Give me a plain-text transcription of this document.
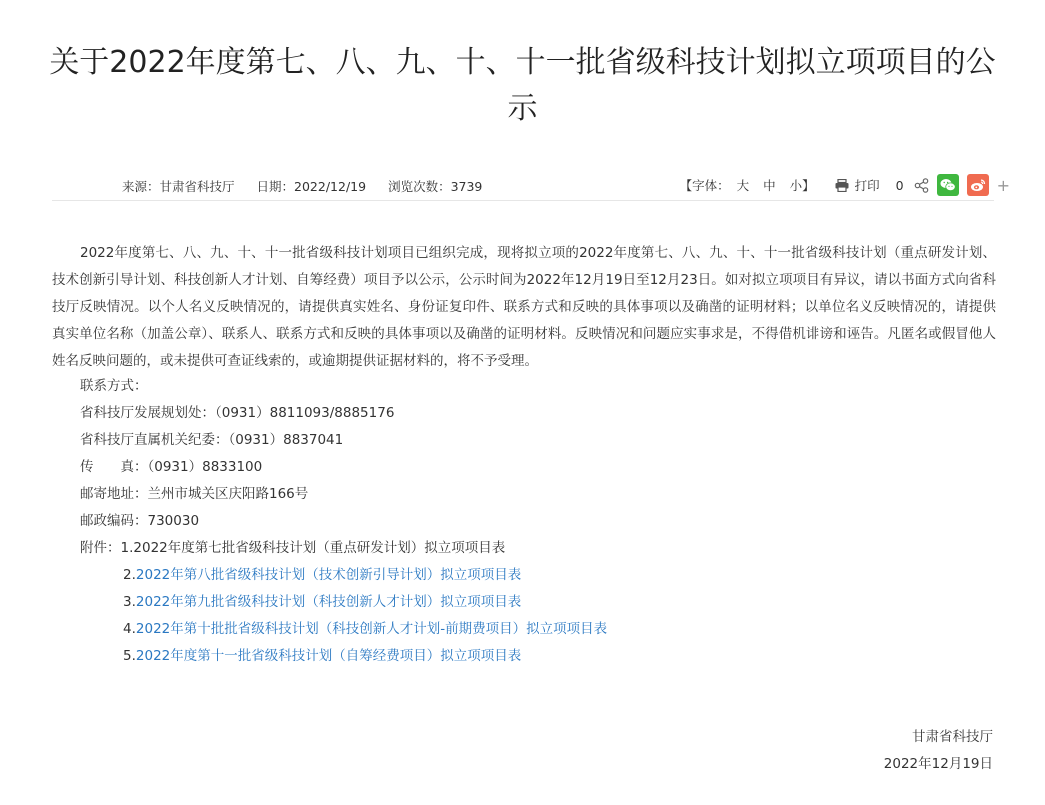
关于2022年度第七、八、九、十、十一批省级科技计划拟立项项目的公示
来源：甘肃省科技厅 日期：2022/12/19 浏览次数：3739	【字体： 大 中 小】	打印 0	+

2022年度第七、八、九、十、十一批省级科技计划项目已组织完成，现将拟立项的2022年度第七、八、九、十、十一批省级科技计划（重点研发计划、技术创新引导计划、科技创新人才计划、自筹经费）项目予以公示，公示时间为2022年12月19日至12月23日。如对拟立项项目有异议，请以书面方式向省科技厅反映情况。以个人名义反映情况的，请提供真实姓名、身份证复印件、联系方式和反映的具体事项以及确凿的证明材料；以单位名义反映情况的，请提供真实单位名称（加盖公章）、联系人、联系方式和反映的具体事项以及确凿的证明材料。反映情况和问题应实事求是，不得借机诽谤和诬告。凡匿名或假冒他人姓名反映问题的，或未提供可查证线索的，或逾期提供证据材料的，将不予受理。

联系方式：
省科技厅发展规划处：（0931）8811093/8885176
省科技厅直属机关纪委：（0931）8837041
传 真：（0931）8833100
邮寄地址：兰州市城关区庆阳路166号
邮政编码：730030
附件：1.2022年度第七批省级科技计划（重点研发计划）拟立项项目表
2.2022年第八批省级科技计划（技术创新引导计划）拟立项项目表
3.2022年第九批省级科技计划（科技创新人才计划）拟立项项目表
4.2022年第十批批省级科技计划（科技创新人才计划-前期费项目）拟立项项目表
5.2022年度第十一批省级科技计划（自筹经费项目）拟立项项目表
甘肃省科技厅
2022年12月19日
